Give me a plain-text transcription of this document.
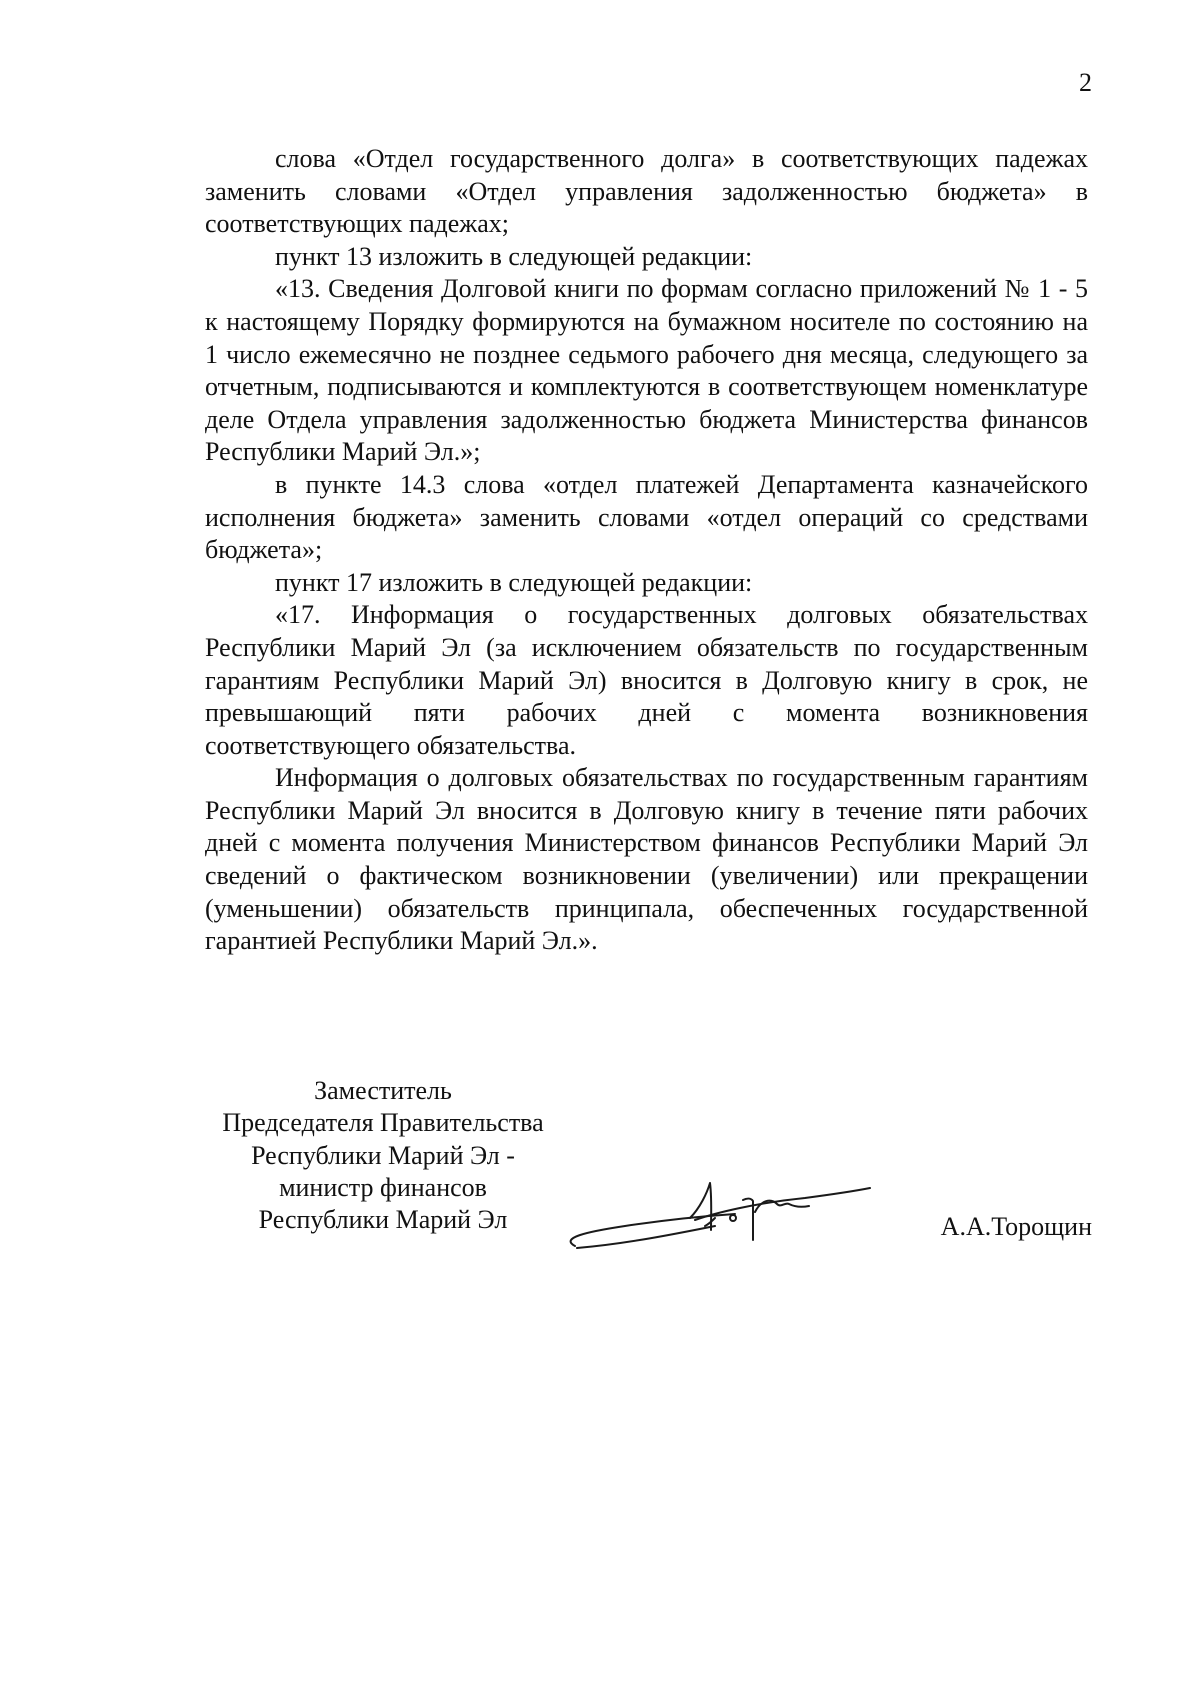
2

слова «Отдел государственного долга» в соответствующих падежах заменить словами «Отдел управления задолженностью бюджета» в соответствующих падежах;

пункт 13 изложить в следующей редакции:

«13. Сведения Долговой книги по формам согласно приложений № 1 - 5 к настоящему Порядку формируются на бумажном носителе по состоянию на 1 число ежемесячно не позднее седьмого рабочего дня месяца, следующего за отчетным, подписываются и комплектуются в соответствующем номенклатуре деле Отдела управления задолженностью бюджета Министерства финансов Республики Марий Эл.»;

в пункте 14.3 слова «отдел платежей Департамента казначейского исполнения бюджета» заменить словами «отдел операций со средствами бюджета»;

пункт 17 изложить в следующей редакции:

«17. Информация о государственных долговых обязательствах Республики Марий Эл (за исключением обязательств по государственным гарантиям Республики Марий Эл) вносится в Долговую книгу в срок, не превышающий пяти рабочих дней с момента возникновения соответствующего обязательства.

Информация о долговых обязательствах по государственным гарантиям Республики Марий Эл вносится в Долговую книгу в течение пяти рабочих дней с момента получения Министерством финансов Республики Марий Эл сведений о фактическом возникновении (увеличении) или прекращении (уменьшении) обязательств принципала, обеспеченных государственной гарантией Республики Марий Эл.».

Заместитель
Председателя Правительства
Республики Марий Эл -
министр финансов
Республики Марий Эл	А.А.Торощин
